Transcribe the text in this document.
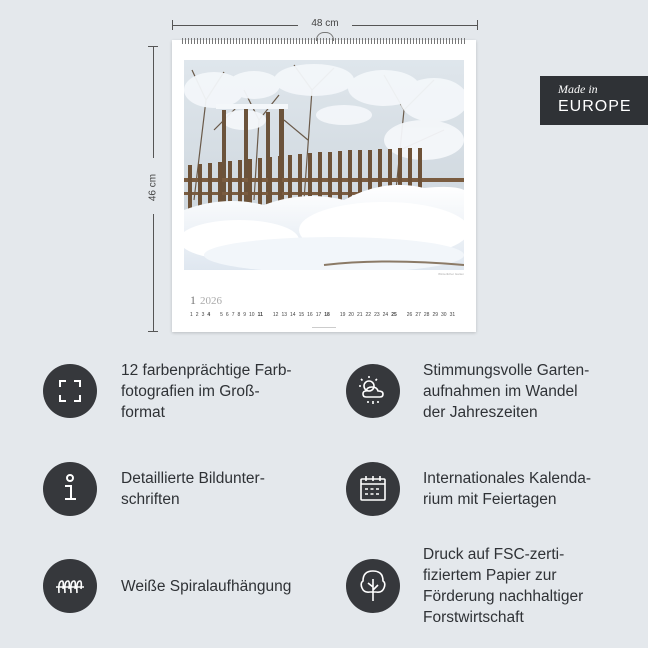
48 cm
46 cm
Winterlicher Garten
1 2026
1 2 3 4 5 6 7 8 9 10 11 12 13 14 15 16 17 18 19 20 21 22 23 24 25 26 27 28 29 30 31
Made in
EUROPE
12 farbenprächtige Farb-
fotografien im Groß-
format
Stimmungsvolle Garten-
aufnahmen im Wandel
der Jahreszeiten
Detaillierte Bildunter-
schriften
Internationales Kalenda-
rium mit Feiertagen
Weiße Spiralaufhängung
Druck auf FSC-zerti-
fiziertem Papier zur
Förderung nachhaltiger
Forstwirtschaft
